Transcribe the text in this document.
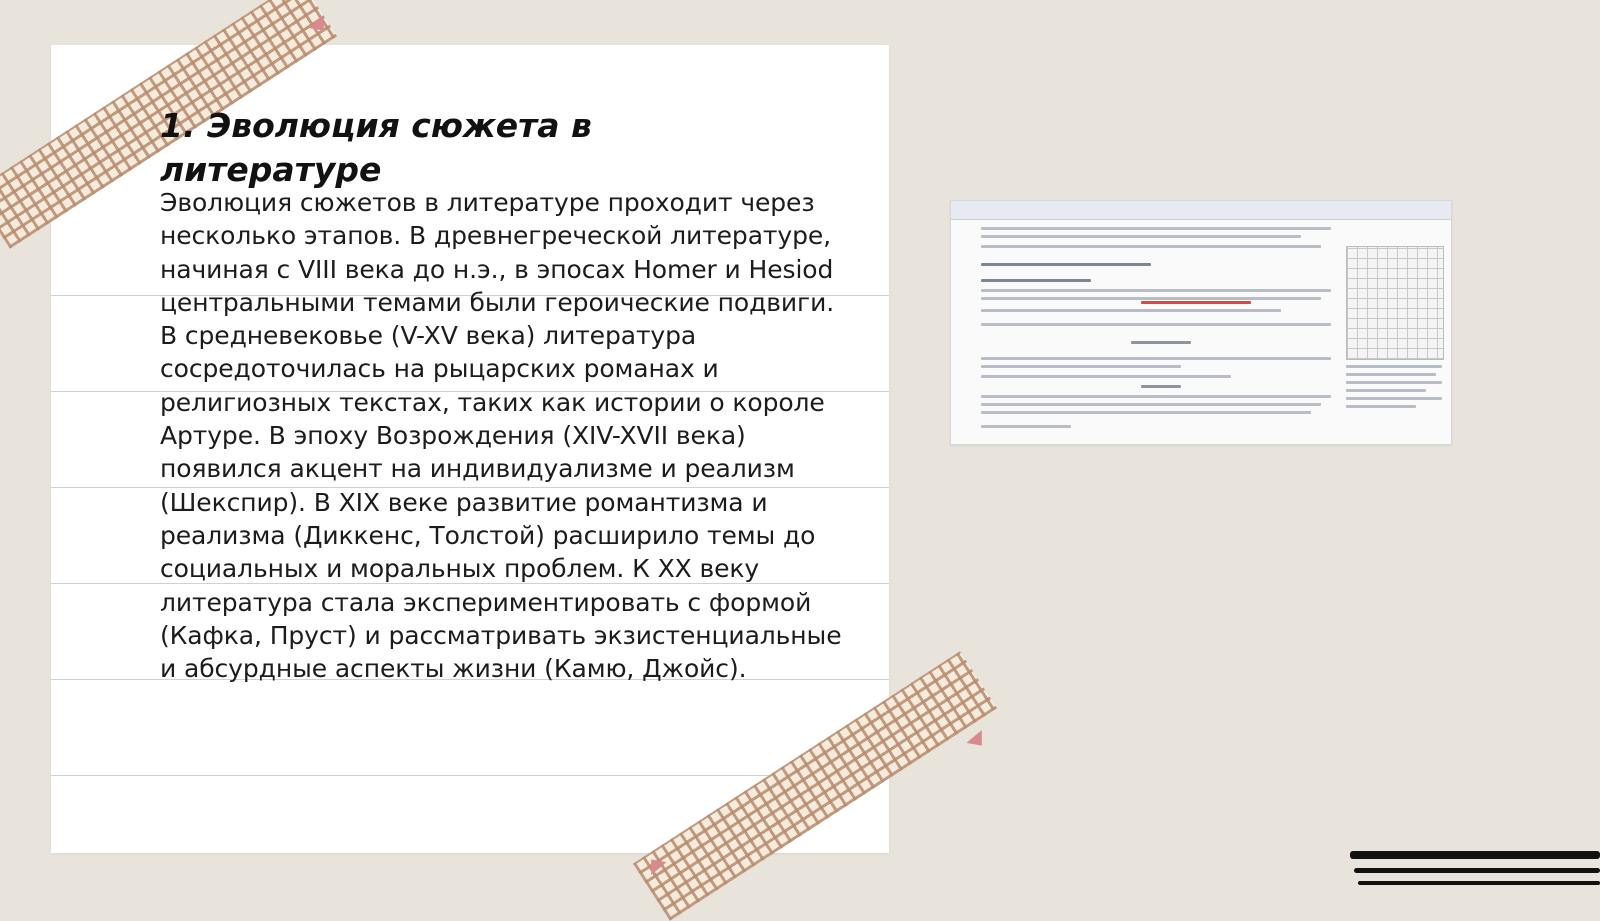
1. Эволюция сюжета в литературе

Эволюция сюжетов в литературе проходит через несколько этапов. В древнегреческой литературе, начиная с VIII века до н.э., в эпосах Homer и Hesiod центральными темами были героические подвиги. В средневековье (V-XV века) литература сосредоточилась на рыцарских романах и религиозных текстах, таких как истории о короле Артуре. В эпоху Возрождения (XIV-XVII века) появился акцент на индивидуализме и реализм (Шекспир). В XIX веке развитие романтизма и реализма (Диккенс, Толстой) расширило темы до социальных и моральных проблем. К XX веку литература стала экспериментировать с формой (Кафка, Пруст) и рассматривать экзистенциальные и абсурдные аспекты жизни (Камю, Джойс).
